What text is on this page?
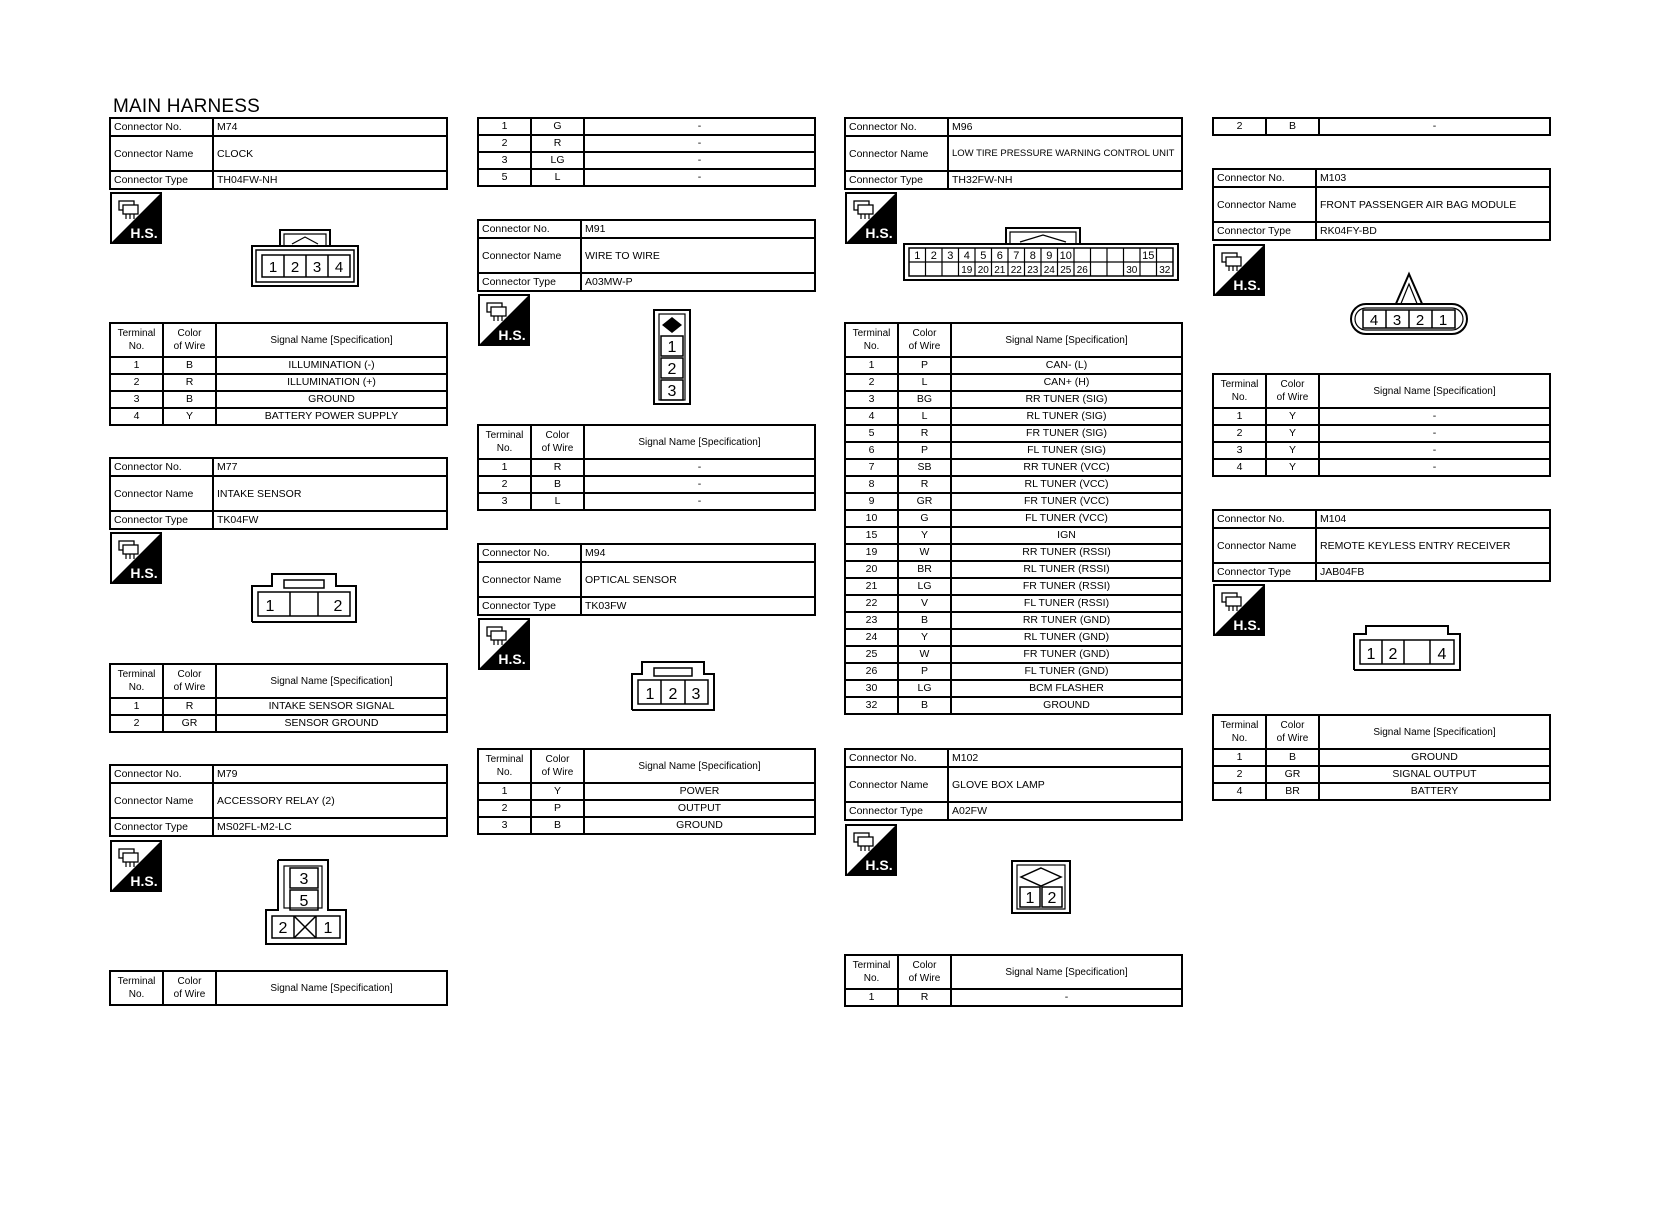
MAIN HARNESS
Connector No.	M74
Connector Name	CLOCK
Connector Type	TH04FW-NH
H.S.
1 2 3 4
Terminal
No.	Color
of Wire	Signal Name [Specification]
1	B	ILLUMINATION (-)
2	R	ILLUMINATION (+)
3	B	GROUND
4	Y	BATTERY POWER SUPPLY
Connector No.	M77
Connector Name	INTAKE SENSOR
Connector Type	TK04FW
H.S.
1	2
Terminal
No.	Color
of Wire	Signal Name [Specification]
1	R	INTAKE SENSOR SIGNAL
2	GR	SENSOR GROUND
Connector No.	M79
Connector Name	ACCESSORY RELAY (2)
Connector Type	MS02FL-M2-LC
H.S.	3
5
2 1
Terminal
No.	Color
of Wire	Signal Name [Specification]
1	G	-
2	R	-
3	LG	-
5	L	-
Connector No.	M91
Connector Name	WIRE TO WIRE
Connector Type	A03MW-P
H.S.
1
2
3
Terminal
No.	Color
of Wire	Signal Name [Specification]
1	R	-
2	B	-
3	L	-
Connector No.	M94
Connector Name	OPTICAL SENSOR
Connector Type	TK03FW
H.S.
1 2 3
Terminal
No.	Color
of Wire	Signal Name [Specification]
1	Y	POWER
2	P	OUTPUT
3	B	GROUND
Connector No.	M96
Connector Name	LOW TIRE PRESSURE WARNING CONTROL UNIT
Connector Type	TH32FW-NH
H.S.
1 2 3 4 5 6 7 8 9 10	15
19 20 21 22 23 24 25 26	30 32
Terminal
No.	Color
of Wire	Signal Name [Specification]
1	P	CAN- (L)
2	L	CAN+ (H)
3	BG	RR TUNER (SIG)
4	L	RL TUNER (SIG)
5	R	FR TUNER (SIG)
6	P	FL TUNER (SIG)
7	SB	RR TUNER (VCC)
8	R	RL TUNER (VCC)
9	GR	FR TUNER (VCC)
10	G	FL TUNER (VCC)
15	Y	IGN
19	W	RR TUNER (RSSI)
20	BR	RL TUNER (RSSI)
21	LG	FR TUNER (RSSI)
22	V	FL TUNER (RSSI)
23	B	RR TUNER (GND)
24	Y	RL TUNER (GND)
25	W	FR TUNER (GND)
26	P	FL TUNER (GND)
30	LG	BCM FLASHER
32	B	GROUND
Connector No.	M102
Connector Name	GLOVE BOX LAMP
Connector Type	A02FW
H.S.
1 2
Terminal
No.	Color
of Wire	Signal Name [Specification]
1	R	-
2	B	-
Connector No.	M103
Connector Name	FRONT PASSENGER AIR BAG MODULE
Connector Type	RK04FY-BD
H.S.
4 3 2 1
Terminal
No.	Color
of Wire	Signal Name [Specification]
1	Y	-
2	Y	-
3	Y	-
4	Y	-
Connector No.	M104
Connector Name	REMOTE KEYLESS ENTRY RECEIVER
Connector Type	JAB04FB
H.S.
1 2	4
Terminal
No.	Color
of Wire	Signal Name [Specification]
1	B	GROUND
2	GR	SIGNAL OUTPUT
4	BR	BATTERY
